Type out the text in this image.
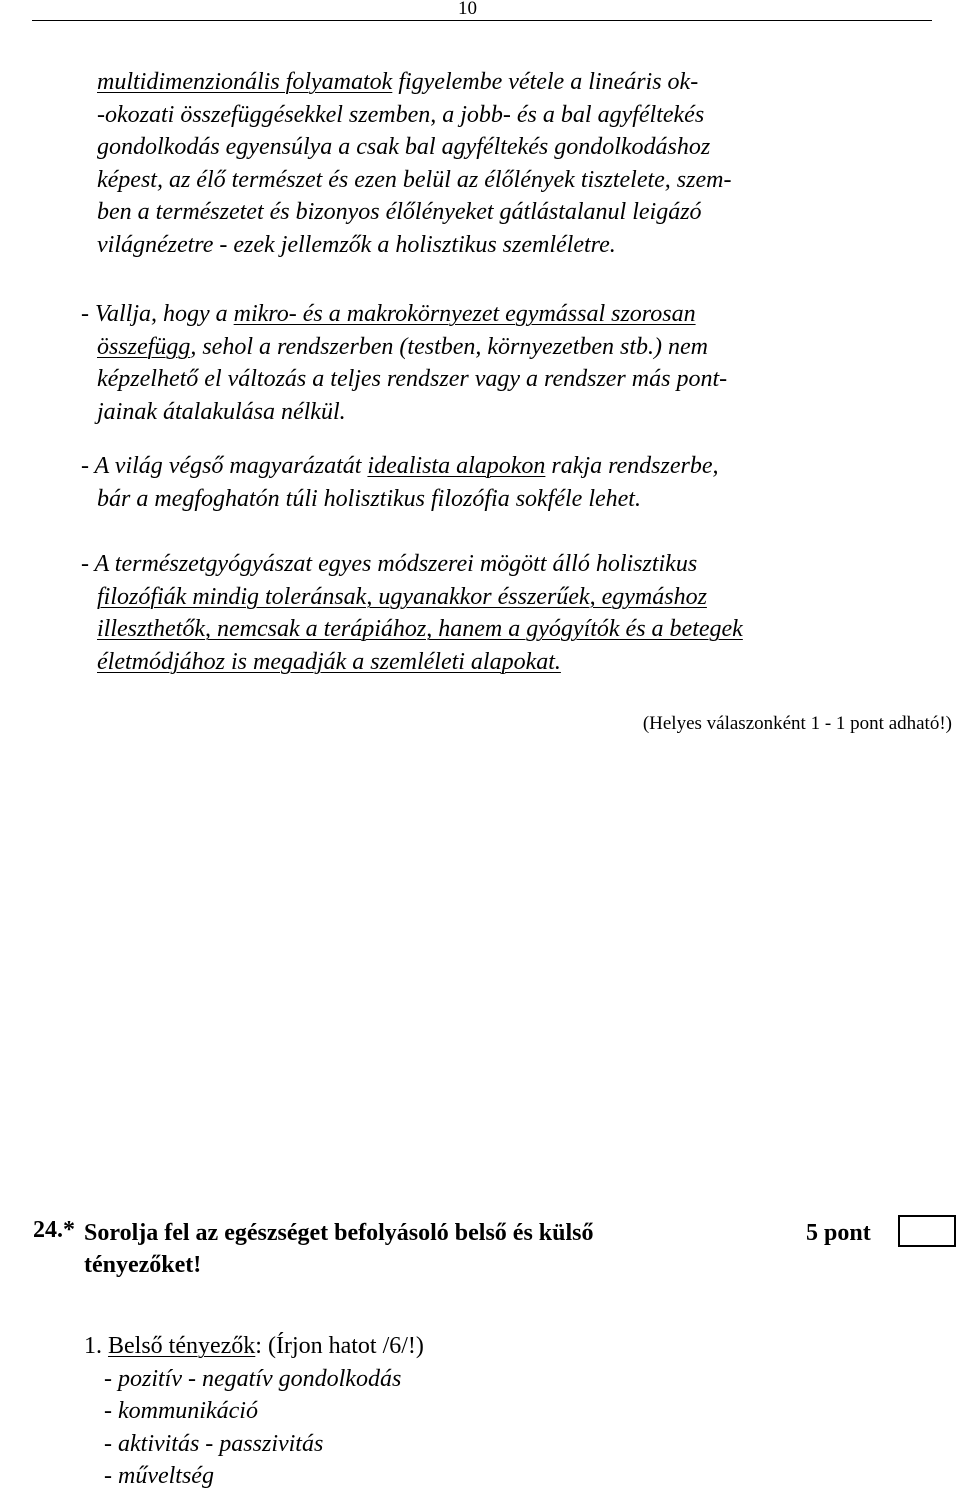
10

multidimenzionális folyamatok figyelembe vétele a lineáris ok-
-okozati összefüggésekkel szemben, a jobb- és a bal agyféltekés
gondolkodás egyensúlya a csak bal agyféltekés gondolkodáshoz
képest, az élő természet és ezen belül az élőlények tisztelete, szem-
ben a természetet és bizonyos élőlényeket gátlástalanul leigázó
világnézetre - ezek jellemzők a holisztikus szemléletre.

- Vallja, hogy a mikro- és a makrokörnyezet egymással szorosan
összefügg, sehol a rendszerben (testben, környezetben stb.) nem
képzelhető el változás a teljes rendszer vagy a rendszer más pont-
jainak átalakulása nélkül.

- A világ végső magyarázatát idealista alapokon rakja rendszerbe,
bár a megfoghatón túli holisztikus filozófia sokféle lehet.

- A természetgyógyászat egyes módszerei mögött álló holisztikus
filozófiák mindig toleránsak, ugyanakkor ésszerűek, egymáshoz
illeszthetők, nemcsak a terápiához, hanem a gyógyítók és a betegek
életmódjához is megadják a szemléleti alapokat.

(Helyes válaszonként 1 - 1 pont adható!)
24.* Sorolja fel az egészséget befolyásoló belső és külső
tényezőket!
5 pont
1. Belső tényezők: (Írjon hatot /6/!)
- pozitív - negatív gondolkodás
- kommunikáció
- aktivitás - passzivitás
- műveltség
